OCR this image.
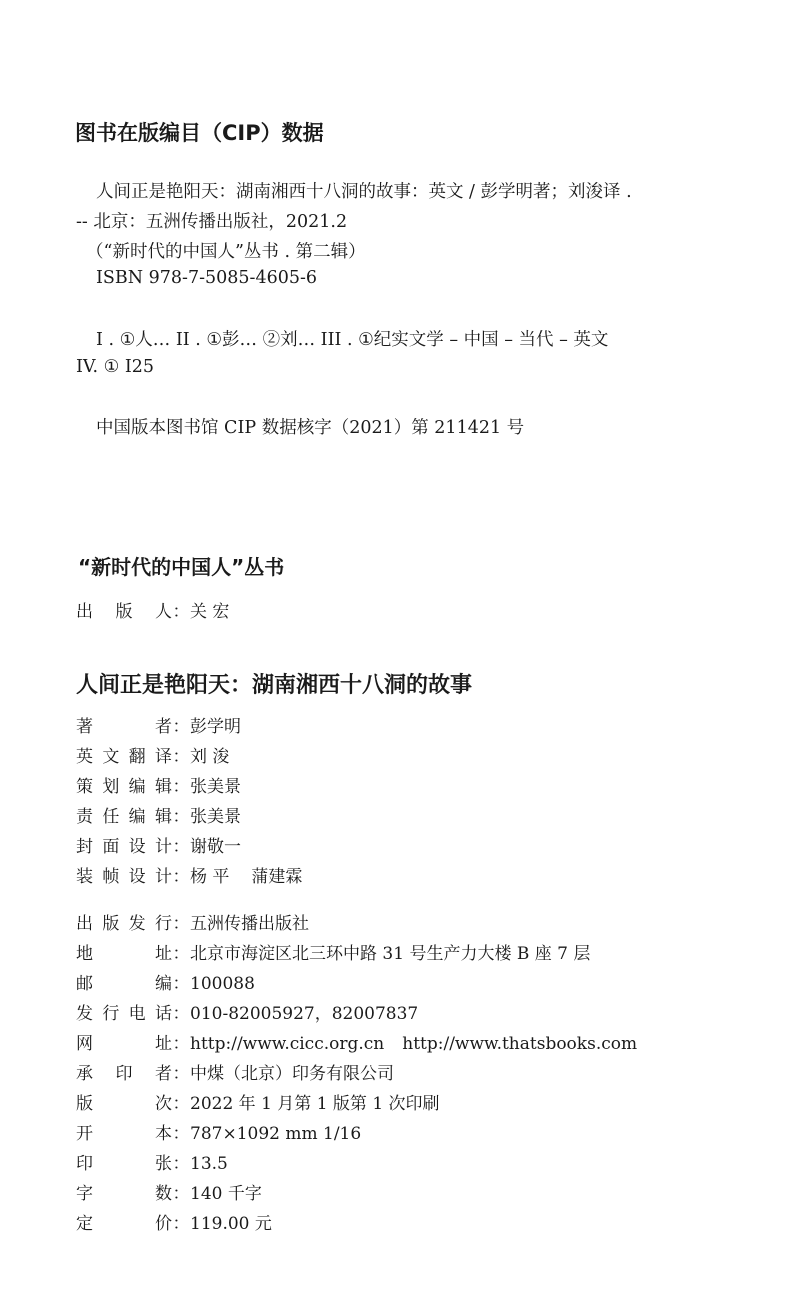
图书在版编目（CIP）数据
人间正是艳阳天：湖南湘西十八洞的故事：英文 / 彭学明著；刘浚译 .
-- 北京：五洲传播出版社，2021.2
（“新时代的中国人”丛书 . 第二辑）
ISBN 978-7-5085-4605-6
I . ①人… II . ①彭… ②刘… III . ①纪实文学 – 中国 – 当代 – 英文
IV. ① I25
中国版本图书馆 CIP 数据核字（2021）第 211421 号
“新时代的中国人”丛书
出 版 人：关 宏
人间正是艳阳天：湖南湘西十八洞的故事
著者：彭学明
英文翻译：刘 浚
策划编辑：张美景
责任编辑：张美景
封面设计：谢敬一
装帧设计：杨 平 蒲建霖
出版发行：五洲传播出版社
地址：北京市海淀区北三环中路 31 号生产力大楼 B 座 7 层
邮编：100088
发行电话：010-82005927，82007837
网址：http://www.cicc.org.cn http://www.thatsbooks.com
承印者：中煤（北京）印务有限公司
版次：2022 年 1 月第 1 版第 1 次印刷
开本：787×1092 mm 1/16
印张：13.5
字数：140 千字
定价：119.00 元
